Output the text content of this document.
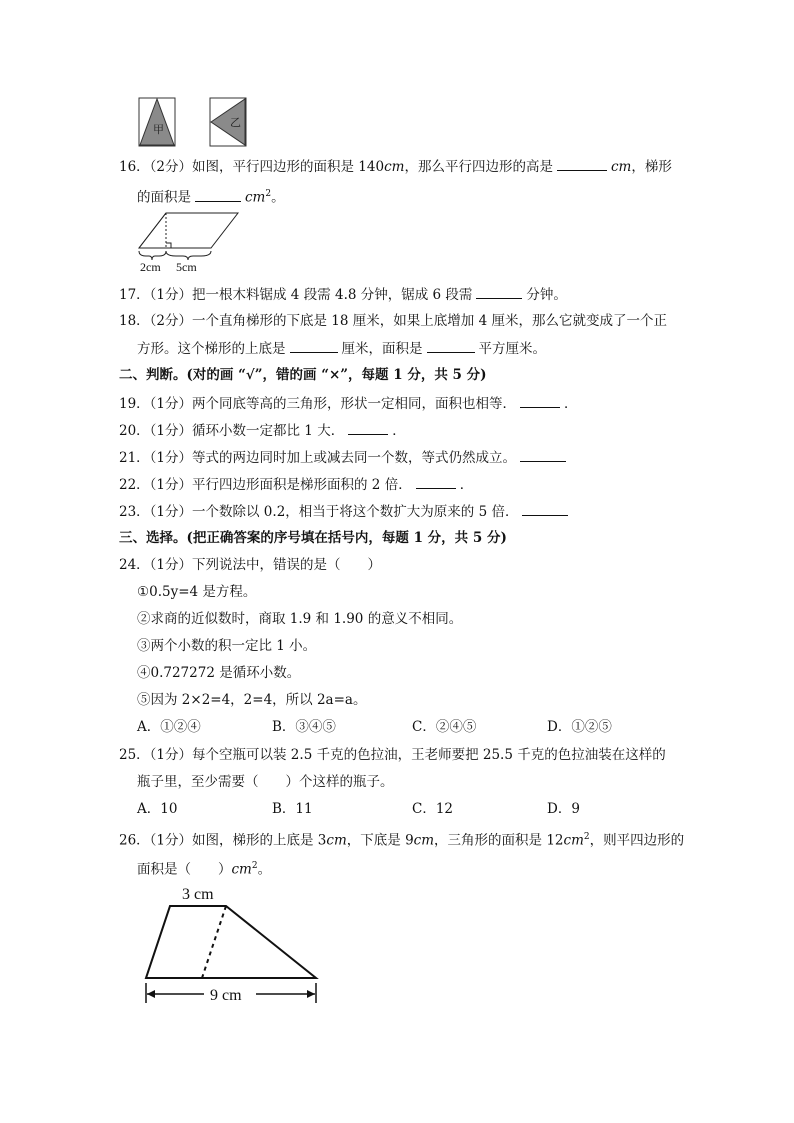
甲
乙
16．（2分）如图，平行四边形的面积是 140cm，那么平行四边形的高是	cm，梯形
的面积是	$cm^2$。
2cm 5cm
17．（1分）把一根木料锯成 4 段需 4.8 分钟，锯成 6 段需	分钟。
18．（2分）一个直角梯形的下底是 18 厘米，如果上底增加 4 厘米，那么它就变成了一个正
方形。这个梯形的上底是	厘米，面积是	平方厘米。
二、判断。(对的画 “√”，错的画 “×”，每题 1 分，共 5 分)
19．（1分）两个同底等高的三角形，形状一定相同，面积也相等．	．
20．（1分）循环小数一定都比 1 大．	．
21．（1分）等式的两边同时加上或减去同一个数，等式仍然成立。
22．（1分）平行四边形面积是梯形面积的 2 倍．	．
23．（1分）一个数除以 0.2，相当于将这个数扩大为原来的 5 倍．
三、选择。(把正确答案的序号填在括号内，每题 1 分，共 5 分)
24．（1分）下列说法中，错误的是（　　）
①0.5y=4 是方程。
②求商的近似数时，商取 1.9 和 1.90 的意义不相同。
③两个小数的积一定比 1 小。
④0.727272 是循环小数。
⑤因为 2×2=4，2=4，所以 2a=a。
A．①②④	B．③④⑤	C．②④⑤	D．①②⑤
25．（1分）每个空瓶可以装 2.5 千克的色拉油，王老师要把 25.5 千克的色拉油装在这样的
瓶子里，至少需要（　　）个这样的瓶子。
A．10	B．11	C．12	D．9
26．（1分）如图，梯形的上底是 3cm，下底是 9cm，三角形的面积是 $12cm^2$，则平四边形的
面积是（　　）$cm^2$。
3 cm
9 cm
